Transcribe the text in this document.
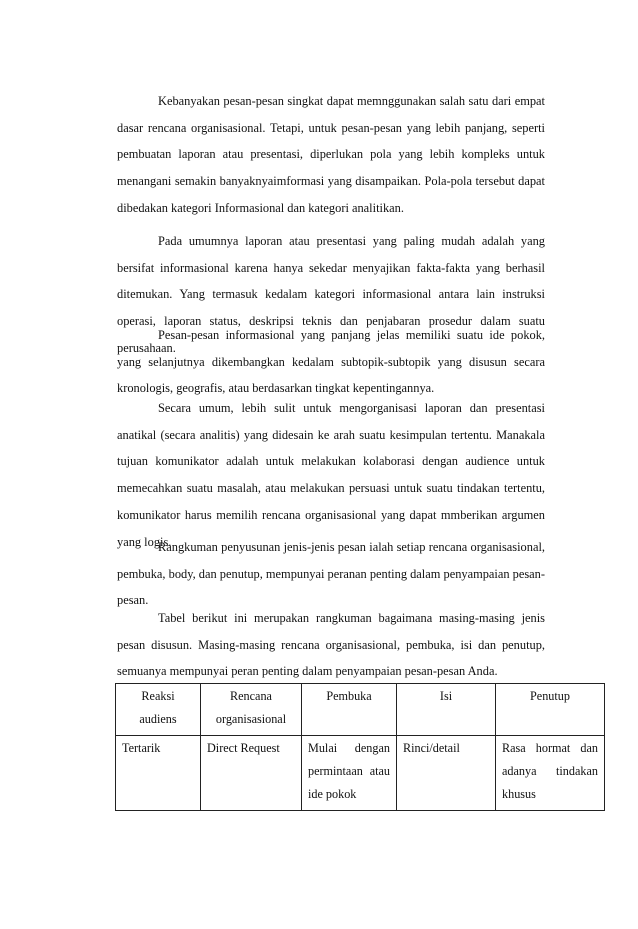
Kebanyakan pesan-pesan singkat dapat memnggunakan salah satu dari empat dasar rencana organisasional. Tetapi, untuk pesan-pesan yang lebih panjang, seperti pembuatan laporan atau presentasi, diperlukan pola yang lebih kompleks untuk menangani semakin banyaknyaimformasi yang disampaikan. Pola-pola tersebut dapat dibedakan kategori Informasional dan kategori analitikan.

Pada umumnya laporan atau presentasi yang paling mudah adalah yang bersifat informasional karena hanya sekedar menyajikan fakta-fakta yang berhasil ditemukan. Yang termasuk kedalam kategori informasional antara lain instruksi operasi, laporan status, deskripsi teknis dan penjabaran prosedur dalam suatu perusahaan.

Pesan-pesan informasional yang panjang jelas memiliki suatu ide pokok, yang selanjutnya dikembangkan kedalam subtopik-subtopik yang disusun secara kronologis, geografis, atau berdasarkan tingkat kepentingannya.

Secara umum, lebih sulit untuk mengorganisasi laporan dan presentasi anatikal (secara analitis) yang didesain ke arah suatu kesimpulan tertentu. Manakala tujuan komunikator adalah untuk melakukan kolaborasi dengan audience untuk memecahkan suatu masalah, atau melakukan persuasi untuk suatu tindakan tertentu, komunikator harus memilih rencana organisasional yang dapat mmberikan argumen yang logis.

Rangkuman penyusunan jenis-jenis pesan ialah setiap rencana organisasional, pembuka, body, dan penutup, mempunyai peranan penting dalam penyampaian pesan-pesan.

Tabel berikut ini merupakan rangkuman bagaimana masing-masing jenis pesan disusun. Masing-masing rencana organisasional, pembuka, isi dan penutup, semuanya mempunyai peran penting dalam penyampaian pesan-pesan Anda.

Reaksi audiens	Rencana organisasional	Pembuka	Isi	Penutup
Tertarik	Direct Request	Mulai dengan permintaan atau ide pokok	Rinci/detail	Rasa hormat dan adanya tindakan khusus
